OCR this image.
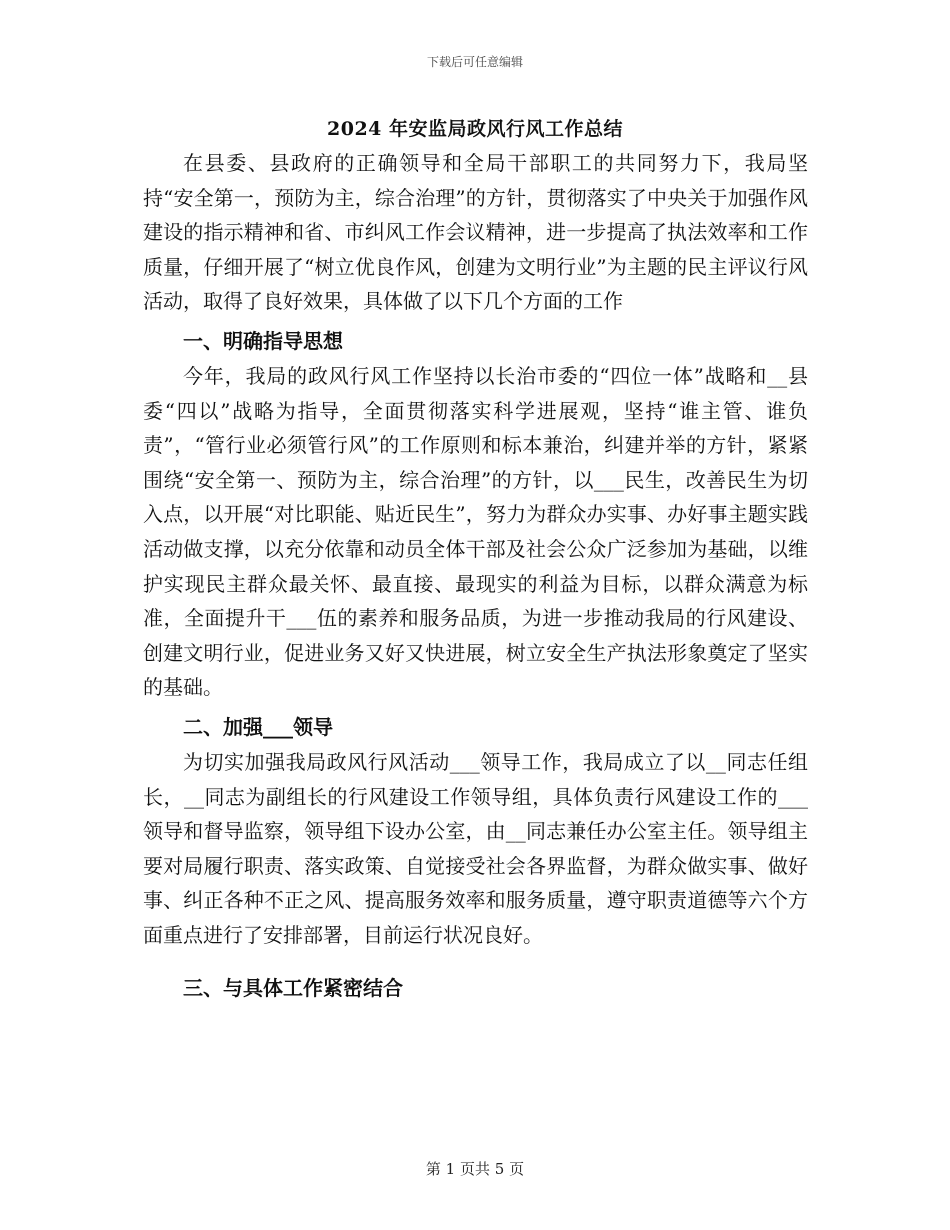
下载后可任意编辑
2024 年安监局政风行风工作总结

在县委、县政府的正确领导和全局干部职工的共同努力下，我局坚持“安全第一，预防为主，综合治理”的方针，贯彻落实了中央关于加强作风建设的指示精神和省、市纠风工作会议精神，进一步提高了执法效率和工作质量，仔细开展了“树立优良作风，创建为文明行业”为主题的民主评议行风活动，取得了良好效果，具体做了以下几个方面的工作

一、明确指导思想

今年，我局的政风行风工作坚持以长治市委的“四位一体”战略和__县委“四以”战略为指导，全面贯彻落实科学进展观，坚持“谁主管、谁负责”，“管行业必须管行风”的工作原则和标本兼治，纠建并举的方针，紧紧围绕“安全第一、预防为主，综合治理”的方针，以___民生，改善民生为切入点，以开展“对比职能、贴近民生”，努力为群众办实事、办好事主题实践活动做支撑，以充分依靠和动员全体干部及社会公众广泛参加为基础，以维护实现民主群众最关怀、最直接、最现实的利益为目标，以群众满意为标准，全面提升干___伍的素养和服务品质，为进一步推动我局的行风建设、创建文明行业，促进业务又好又快进展，树立安全生产执法形象奠定了坚实的基础。

二、加强___领导

为切实加强我局政风行风活动___领导工作，我局成立了以__同志任组长，__同志为副组长的行风建设工作领导组，具体负责行风建设工作的___领导和督导监察，领导组下设办公室，由__同志兼任办公室主任。领导组主要对局履行职责、落实政策、自觉接受社会各界监督，为群众做实事、做好事、纠正各种不正之风、提高服务效率和服务质量，遵守职责道德等六个方面重点进行了安排部署，目前运行状况良好。

三、与具体工作紧密结合
第 1 页共 5 页
